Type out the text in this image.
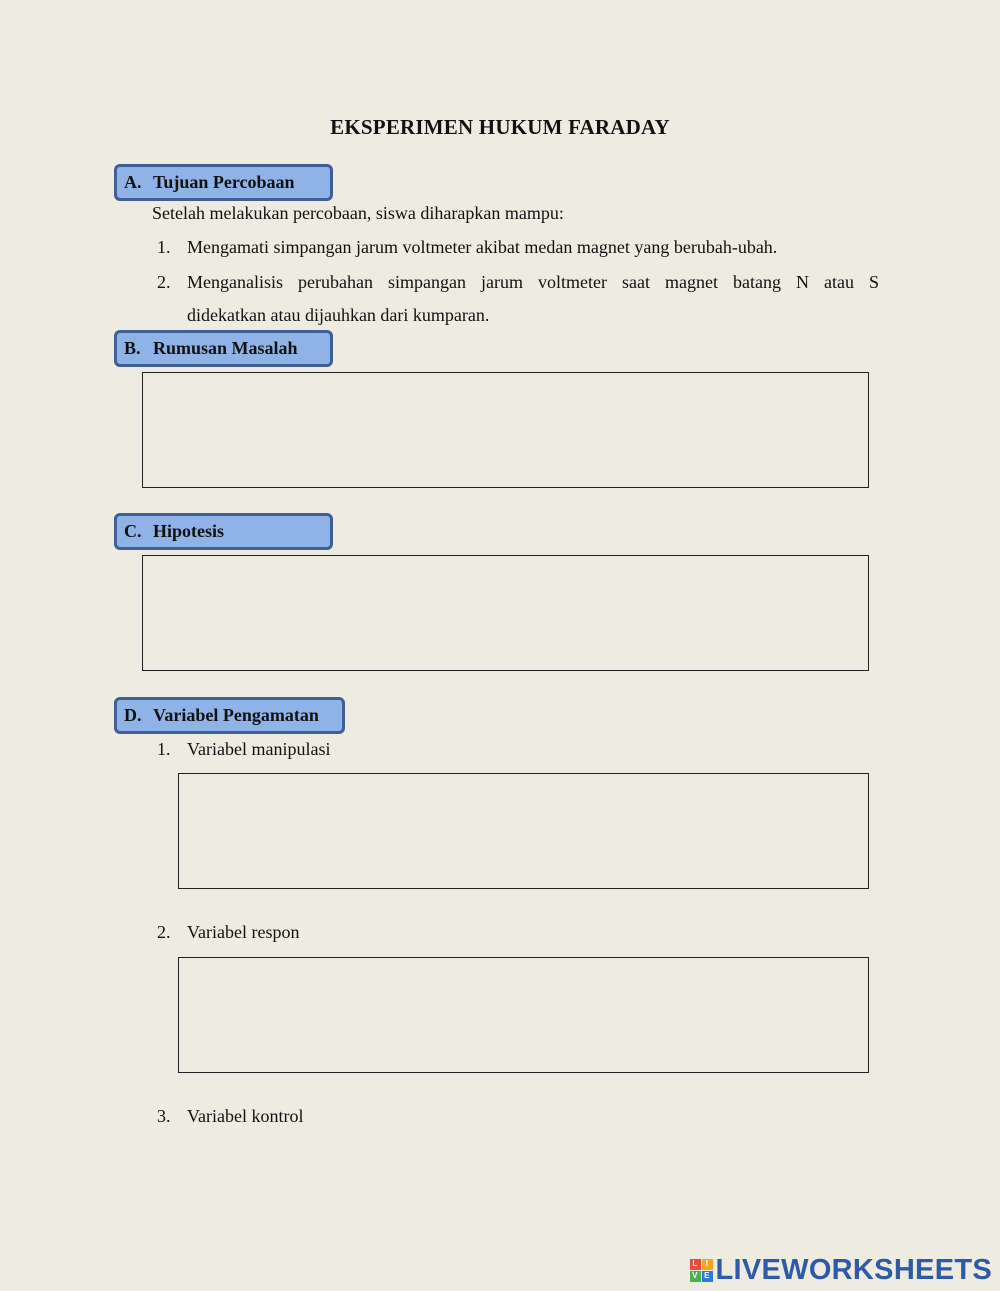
EKSPERIMEN HUKUM FARADAY
A. Tujuan Percobaan
Setelah melakukan percobaan, siswa diharapkan mampu:
1. Mengamati simpangan jarum voltmeter akibat medan magnet yang berubah-ubah.
2. Menganalisis perubahan simpangan jarum voltmeter saat magnet batang N atau S
didekatkan atau dijauhkan dari kumparan.
B. Rumusan Masalah
C. Hipotesis
D. Variabel Pengamatan
1. Variabel manipulasi
2. Variabel respon
3. Variabel kontrol
L	I
V E LIVEWORKSHEETS
